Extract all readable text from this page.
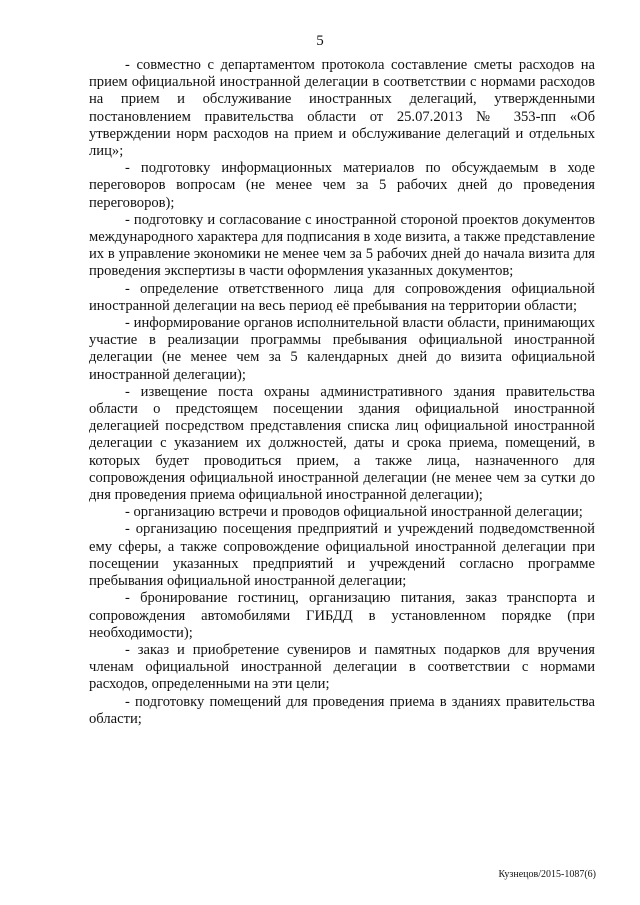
5

- совместно с департаментом протокола составление сметы расходов на прием официальной иностранной делегации в соответствии с нормами расходов на прием и обслуживание иностранных делегаций, утвержденными постановлением правительства области от 25.07.2013 № 353-пп «Об утверждении норм расходов на прием и обслуживание делегаций и отдельных лиц»;

- подготовку информационных материалов по обсуждаемым в ходе переговоров вопросам (не менее чем за 5 рабочих дней до проведения переговоров);

- подготовку и согласование с иностранной стороной проектов документов международного характера для подписания в ходе визита, а также представление их в управление экономики не менее чем за 5 рабочих дней до начала визита для проведения экспертизы в части оформления указанных документов;

- определение ответственного лица для сопровождения официальной иностранной делегации на весь период её пребывания на территории области;

- информирование органов исполнительной власти области, принимающих участие в реализации программы пребывания официальной иностранной делегации (не менее чем за 5 календарных дней до визита официальной иностранной делегации);

- извещение поста охраны административного здания правительства области о предстоящем посещении здания официальной иностранной делегацией посредством представления списка лиц официальной иностранной делегации с указанием их должностей, даты и срока приема, помещений, в которых будет проводиться прием, а также лица, назначенного для сопровождения официальной иностранной делегации (не менее чем за сутки до дня проведения приема официальной иностранной делегации);

- организацию встречи и проводов официальной иностранной делегации;

- организацию посещения предприятий и учреждений подведомственной ему сферы, а также сопровождение официальной иностранной делегации при посещении указанных предприятий и учреждений согласно программе пребывания официальной иностранной делегации;

- бронирование гостиниц, организацию питания, заказ транспорта и сопровождения автомобилями ГИБДД в установленном порядке (при необходимости);

- заказ и приобретение сувениров и памятных подарков для вручения членам официальной иностранной делегации в соответствии с нормами расходов, определенными на эти цели;

- подготовку помещений для проведения приема в зданиях правительства области;

Кузнецов/2015-1087(6)
